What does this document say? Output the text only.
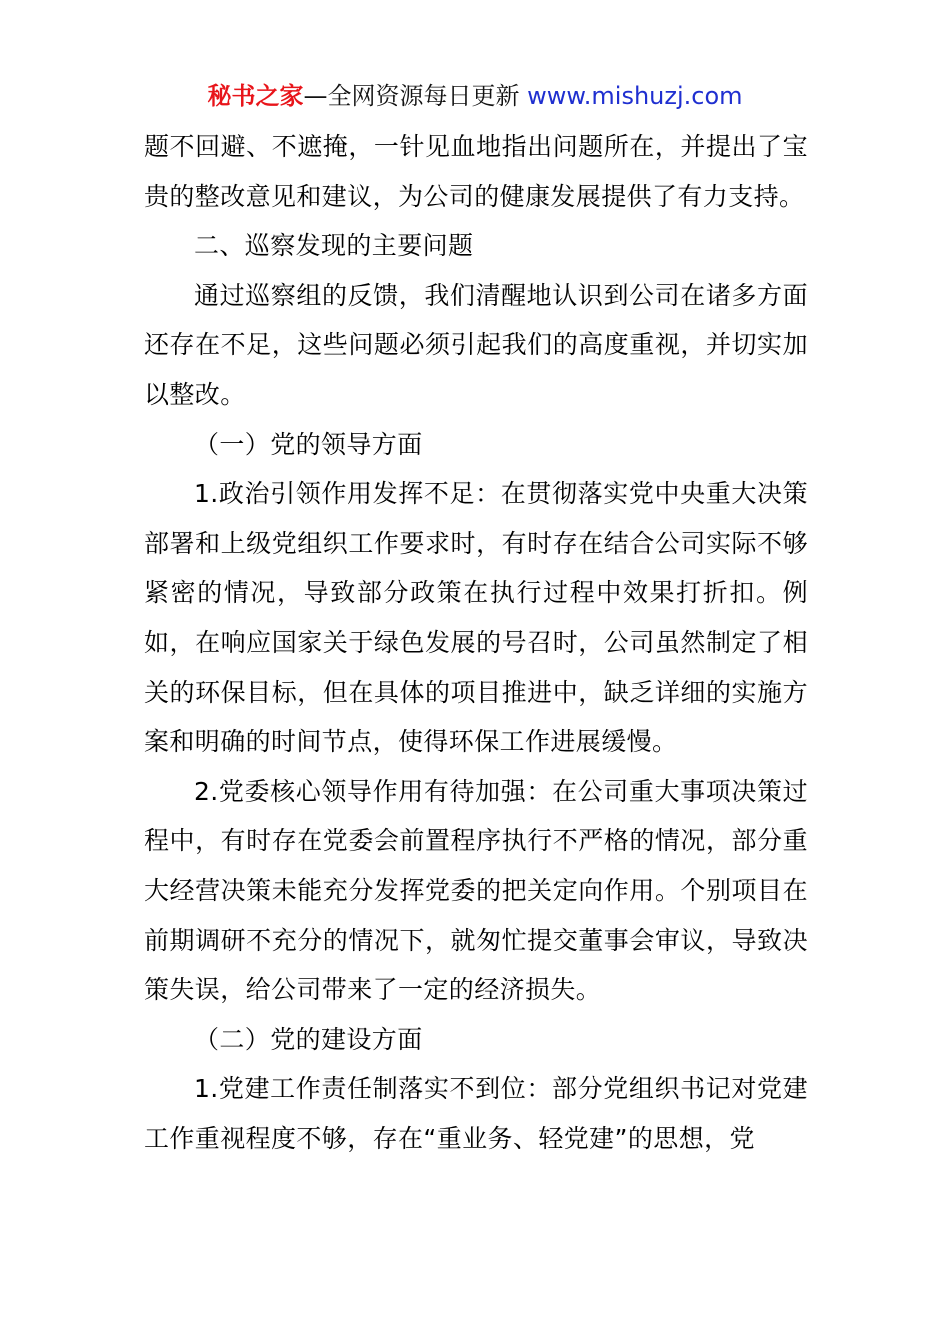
秘书之家—全网资源每日更新 www.mishuzj.com

题不回避、不遮掩，一针见血地指出问题所在，并提出了宝贵的整改意见和建议，为公司的健康发展提供了有力支持。

二、巡察发现的主要问题

通过巡察组的反馈，我们清醒地认识到公司在诸多方面还存在不足，这些问题必须引起我们的高度重视，并切实加以整改。

（一）党的领导方面

1.政治引领作用发挥不足：在贯彻落实党中央重大决策部署和上级党组织工作要求时，有时存在结合公司实际不够紧密的情况，导致部分政策在执行过程中效果打折扣。例如，在响应国家关于绿色发展的号召时，公司虽然制定了相关的环保目标，但在具体的项目推进中，缺乏详细的实施方案和明确的时间节点，使得环保工作进展缓慢。

2.党委核心领导作用有待加强：在公司重大事项决策过程中，有时存在党委会前置程序执行不严格的情况，部分重大经营决策未能充分发挥党委的把关定向作用。个别项目在前期调研不充分的情况下，就匆忙提交董事会审议，导致决策失误，给公司带来了一定的经济损失。

（二）党的建设方面

1.党建工作责任制落实不到位：部分党组织书记对党建工作重视程度不够，存在“重业务、轻党建”的思想，党
